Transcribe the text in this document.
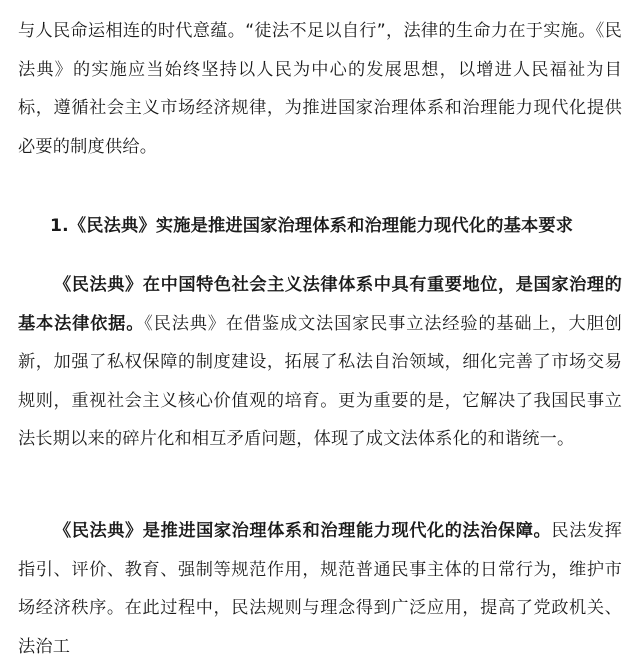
与人民命运相连的时代意蕴。“徒法不足以自行”，法律的生命力在于实施。《民法典》的实施应当始终坚持以人民为中心的发展思想，以增进人民福祉为目标，遵循社会主义市场经济规律，为推进国家治理体系和治理能力现代化提供必要的制度供给。

1.《民法典》实施是推进国家治理体系和治理能力现代化的基本要求

《民法典》在中国特色社会主义法律体系中具有重要地位，是国家治理的基本法律依据。《民法典》在借鉴成文法国家民事立法经验的基础上，大胆创新，加强了私权保障的制度建设，拓展了私法自治领域，细化完善了市场交易规则，重视社会主义核心价值观的培育。更为重要的是，它解决了我国民事立法长期以来的碎片化和相互矛盾问题，体现了成文法体系化的和谐统一。

《民法典》是推进国家治理体系和治理能力现代化的法治保障。民法发挥指引、评价、教育、强制等规范作用，规范普通民事主体的日常行为，维护市场经济秩序。在此过程中，民法规则与理念得到广泛应用，提高了党政机关、法治工
